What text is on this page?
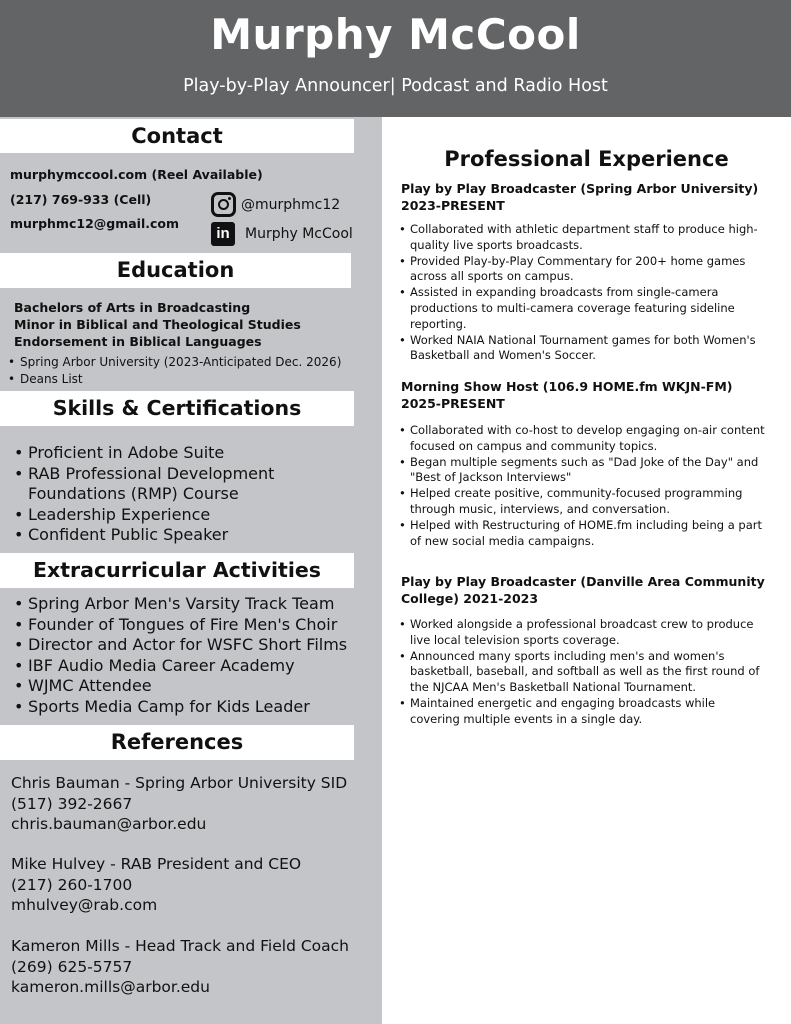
Murphy McCool
Play-by-Play Announcer| Podcast and Radio Host
Contact
murphymccool.com (Reel Available)
(217) 769-933 (Cell)
murphmc12@gmail.com
@murphmc12
in	Murphy McCool
Education
Bachelors of Arts in Broadcasting
Minor in Biblical and Theological Studies
Endorsement in Biblical Languages
• Spring Arbor University (2023-Anticipated Dec. 2026)
• Deans List
Skills & Certifications
• Proficient in Adobe Suite
• RAB Professional Development Foundations (RMP) Course
• Leadership Experience
• Confident Public Speaker
Extracurricular Activities
• Spring Arbor Men's Varsity Track Team
• Founder of Tongues of Fire Men's Choir
• Director and Actor for WSFC Short Films
• IBF Audio Media Career Academy
• WJMC Attendee
• Sports Media Camp for Kids Leader
References
Chris Bauman - Spring Arbor University SID
(517) 392-2667
chris.bauman@arbor.edu
Mike Hulvey - RAB President and CEO
(217) 260-1700
mhulvey@rab.com
Kameron Mills - Head Track and Field Coach
(269) 625-5757
kameron.mills@arbor.edu
Professional Experience
Play by Play Broadcaster (Spring Arbor University)
2023-PRESENT
• Collaborated with athletic department staff to produce high-quality live sports broadcasts.
• Provided Play-by-Play Commentary for 200+ home games across all sports on campus.
• Assisted in expanding broadcasts from single-camera productions to multi-camera coverage featuring sideline reporting.
• Worked NAIA National Tournament games for both Women's Basketball and Women's Soccer.
Morning Show Host (106.9 HOME.fm WKJN-FM)
2025-PRESENT
• Collaborated with co-host to develop engaging on-air content focused on campus and community topics.
• Began multiple segments such as "Dad Joke of the Day" and "Best of Jackson Interviews"
• Helped create positive, community-focused programming through music, interviews, and conversation.
• Helped with Restructuring of HOME.fm including being a part of new social media campaigns.
Play by Play Broadcaster (Danville Area Community College) 2021-2023
• Worked alongside a professional broadcast crew to produce live local television sports coverage.
• Announced many sports including men's and women's basketball, baseball, and softball as well as the first round of the NJCAA Men's Basketball National Tournament.
• Maintained energetic and engaging broadcasts while covering multiple events in a single day.
